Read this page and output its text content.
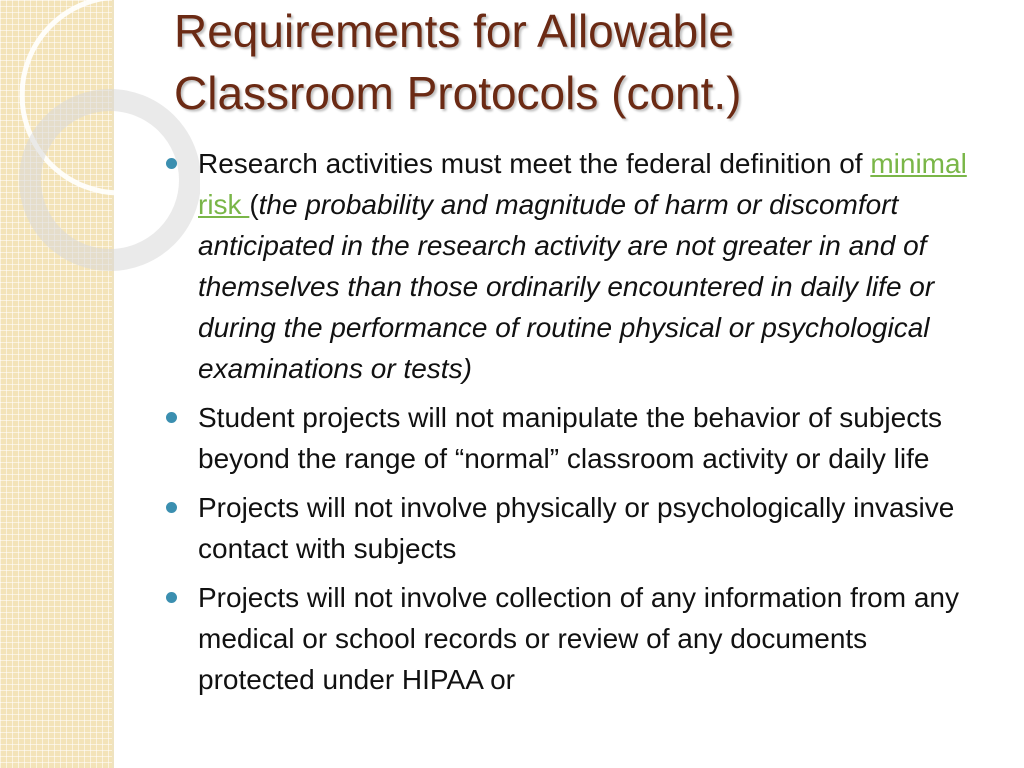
Requirements for Allowable
Classroom Protocols (cont.)
Research activities must meet the federal definition of minimal risk (the probability and magnitude of harm or discomfort anticipated in the research activity are not greater in and of themselves than those ordinarily encountered in daily life or during the performance of routine physical or psychological examinations or tests)
Student projects will not manipulate the behavior of subjects beyond the range of “normal” classroom activity or daily life
Projects will not involve physically or psychologically invasive contact with subjects
Projects will not involve collection of any information from any medical or school records or review of any documents protected under HIPAA or
